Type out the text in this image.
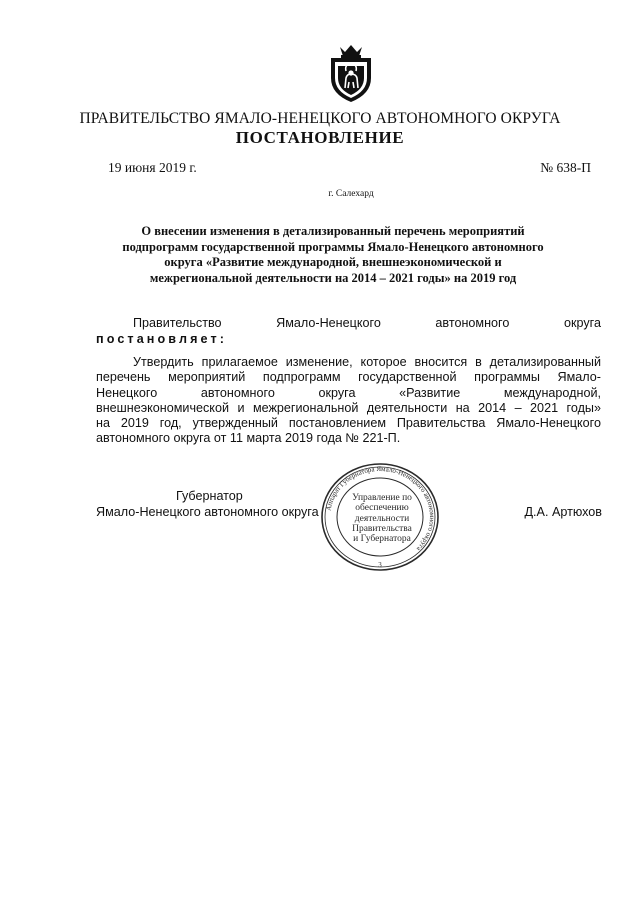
ПРАВИТЕЛЬСТВО ЯМАЛО-НЕНЕЦКОГО АВТОНОМНОГО ОКРУГА
ПОСТАНОВЛЕНИЕ
19 июня 2019 г.	№ 638-П
г. Салехард
О внесении изменения в детализированный перечень мероприятий
подпрограмм государственной программы Ямало-Ненецкого автономного
округа «Развитие международной, внешнеэкономической и
межрегиональной деятельности на 2014 – 2021 годы» на 2019 год
Правительство	Ямало-Ненецкого	автономного	округа
постановляет:
Утвердить прилагаемое изменение, которое вносится в детализированный
перечень мероприятий подпрограмм государственной программы Ямало-
Ненецкого автономного округа «Развитие международной,
внешнеэкономической и межрегиональной деятельности на 2014 – 2021 годы»
на 2019 год, утвержденный постановлением Правительства Ямало-Ненецкого
автономного округа от 11 марта 2019 года № 221-П.
Губернатор
Ямало-Ненецкого автономного округа	Д.А. Артюхов
Аппарат Губернатора Ямало-Ненецкого автономного округа
3
Управление по
обеспечению
деятельности
Правительства
и Губернатора
